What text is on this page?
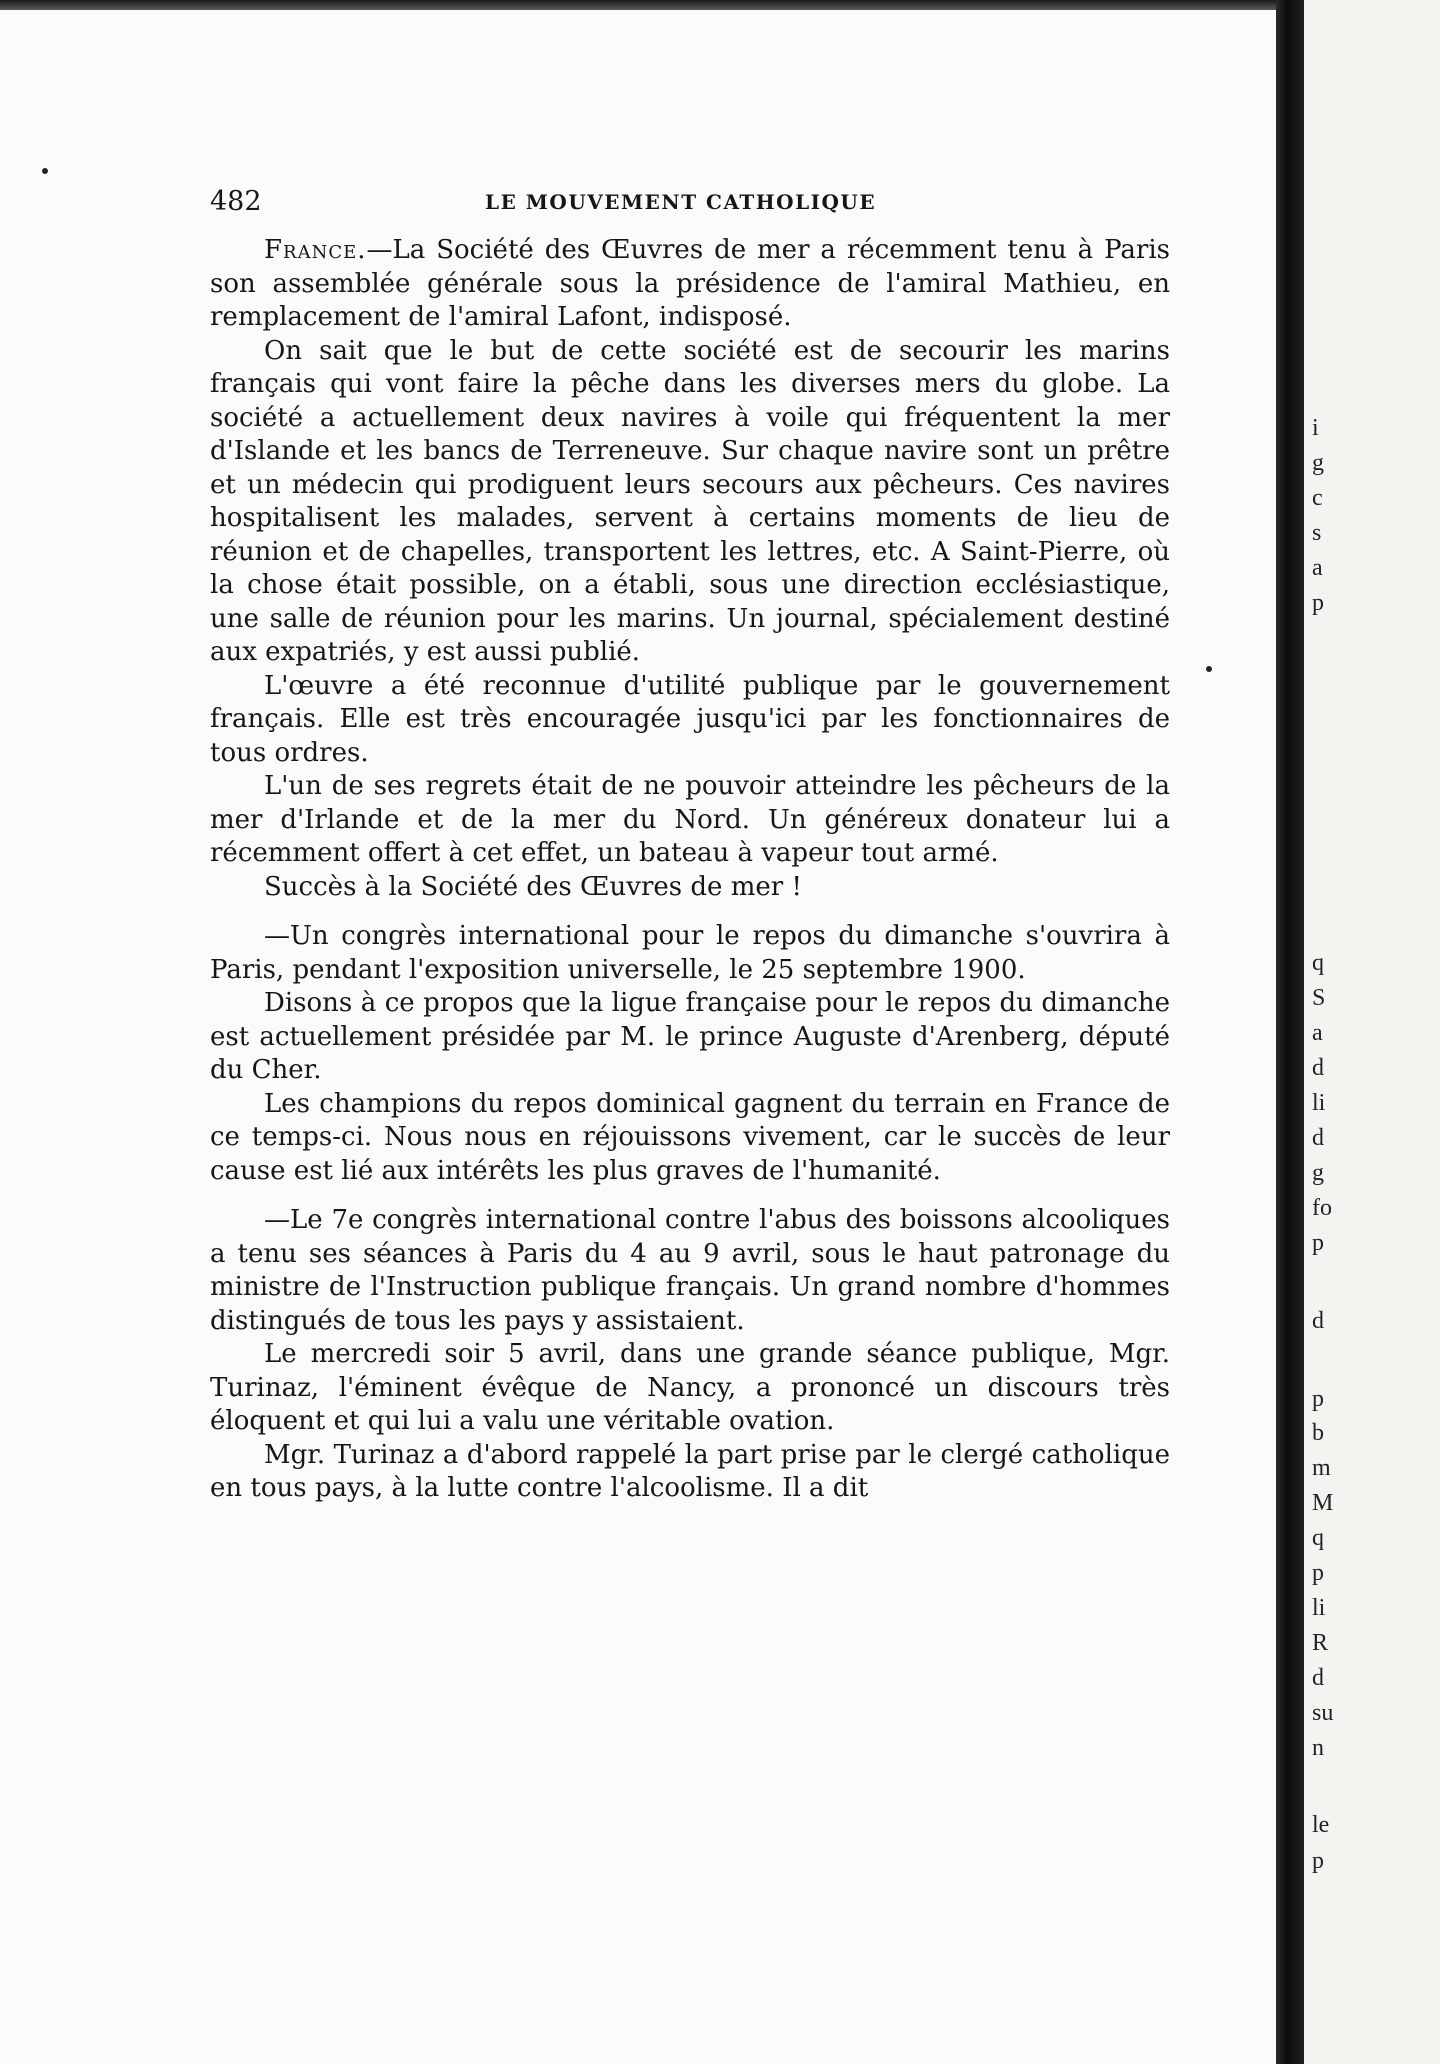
q
S
a
d
li
d
g
fo
p
d
p
b
m
M
q
p
li
R
d
su
n
le
p
i
g
c
s
a
p
482	LE MOUVEMENT CATHOLIQUE

France.—La Société des Œuvres de mer a récemment tenu à Paris son assemblée générale sous la présidence de l'amiral Mathieu, en remplacement de l'amiral Lafont, indisposé.

On sait que le but de cette société est de secourir les marins français qui vont faire la pêche dans les diverses mers du globe. La société a actuellement deux navires à voile qui fréquentent la mer d'Islande et les bancs de Terreneuve. Sur chaque navire sont un prêtre et un médecin qui prodiguent leurs secours aux pêcheurs. Ces navires hospitalisent les malades, servent à certains moments de lieu de réunion et de chapelles, transportent les lettres, etc. A Saint-Pierre, où la chose était possible, on a établi, sous une direction ecclésiastique, une salle de réunion pour les marins. Un journal, spécialement destiné aux expatriés, y est aussi publié.

L'œuvre a été reconnue d'utilité publique par le gouvernement français. Elle est très encouragée jusqu'ici par les fonctionnaires de tous ordres.

L'un de ses regrets était de ne pouvoir atteindre les pêcheurs de la mer d'Irlande et de la mer du Nord. Un généreux donateur lui a récemment offert à cet effet, un bateau à vapeur tout armé.

Succès à la Société des Œuvres de mer !

—Un congrès international pour le repos du dimanche s'ouvrira à Paris, pendant l'exposition universelle, le 25 septembre 1900.

Disons à ce propos que la ligue française pour le repos du dimanche est actuellement présidée par M. le prince Auguste d'Arenberg, député du Cher.

Les champions du repos dominical gagnent du terrain en France de ce temps-ci. Nous nous en réjouissons vivement, car le succès de leur cause est lié aux intérêts les plus graves de l'humanité.

—Le 7e congrès international contre l'abus des boissons alcooliques a tenu ses séances à Paris du 4 au 9 avril, sous le haut patronage du ministre de l'Instruction publique français. Un grand nombre d'hommes distingués de tous les pays y assistaient.

Le mercredi soir 5 avril, dans une grande séance publique, Mgr. Turinaz, l'éminent évêque de Nancy, a prononcé un discours très éloquent et qui lui a valu une véritable ovation.

Mgr. Turinaz a d'abord rappelé la part prise par le clergé catholique en tous pays, à la lutte contre l'alcoolisme. Il a dit
